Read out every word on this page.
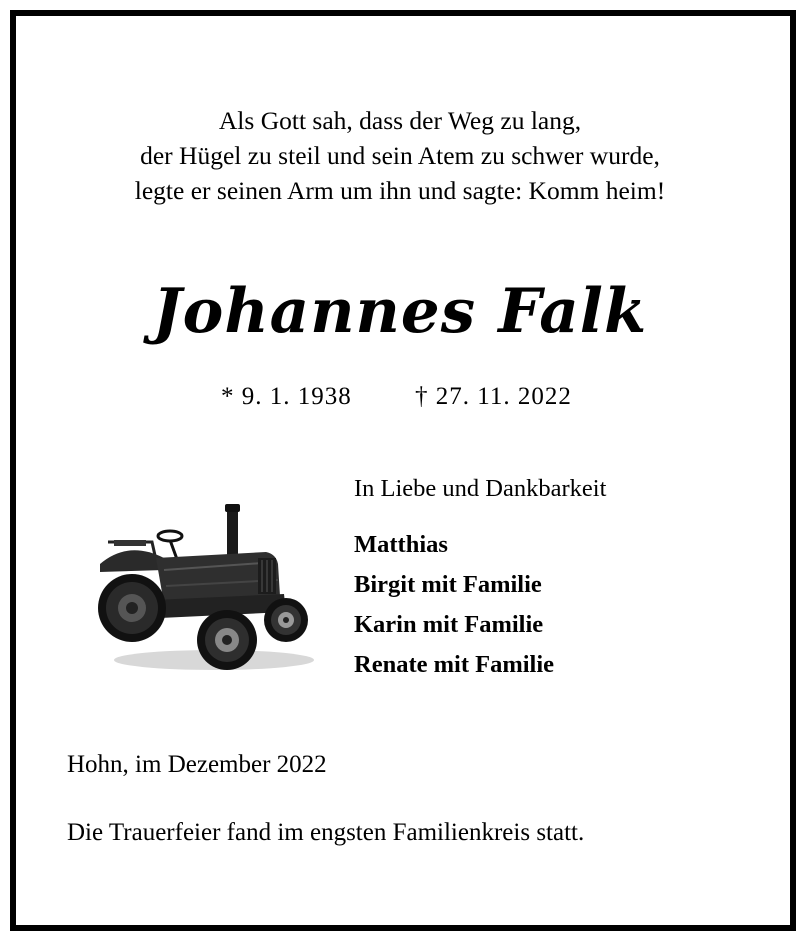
Als Gott sah, dass der Weg zu lang,
der Hügel zu steil und sein Atem zu schwer wurde,
legte er seinen Arm um ihn und sagte: Komm heim!
Johannes Falk
* 9. 1. 1938	† 27. 11. 2022
In Liebe und Dankbarkeit
Matthias
Birgit mit Familie
Karin mit Familie
Renate mit Familie
Hohn, im Dezember 2022
Die Trauerfeier fand im engsten Familienkreis statt.
